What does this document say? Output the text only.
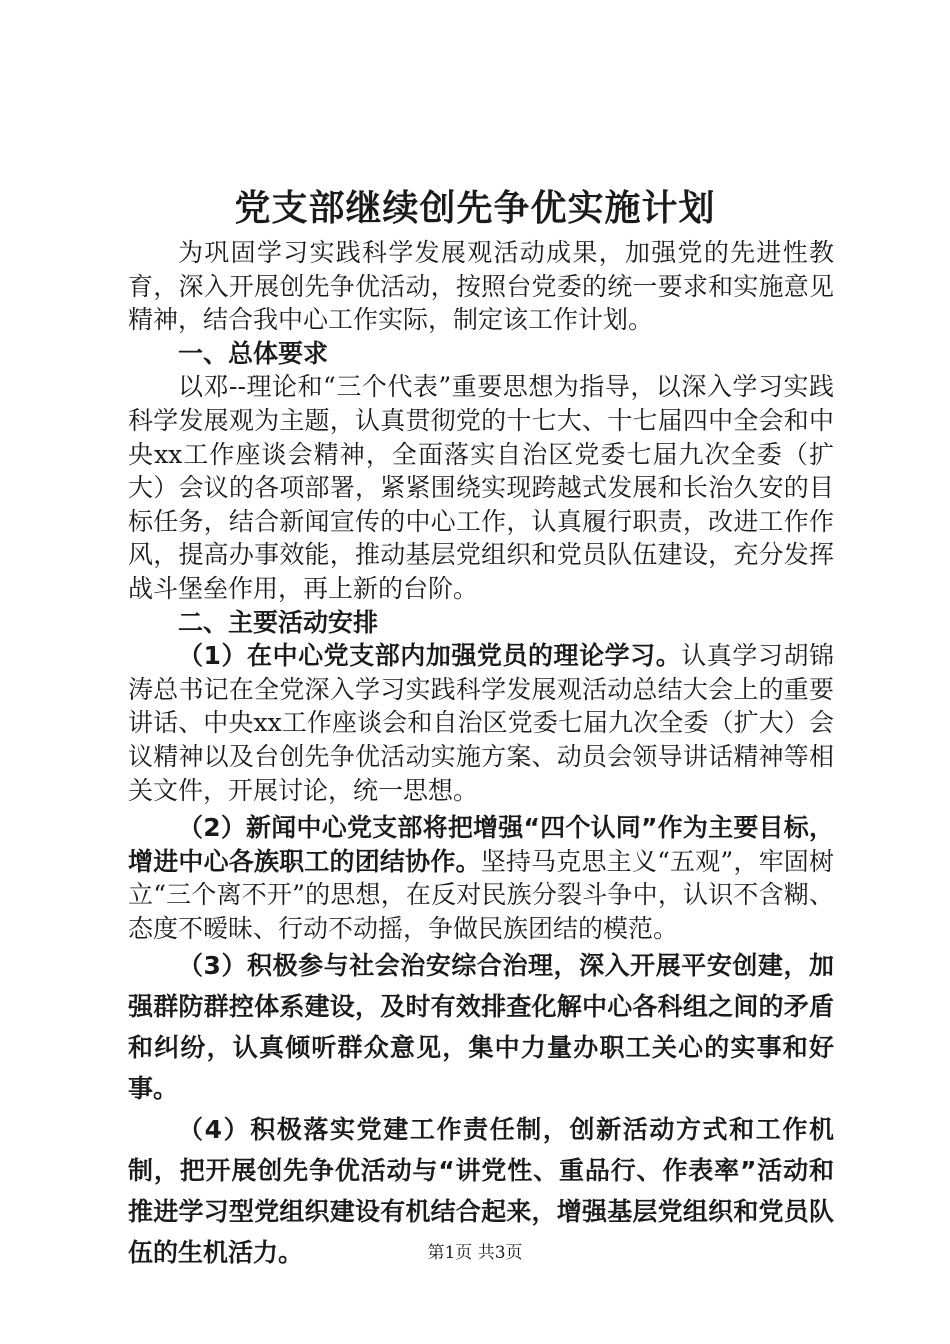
党支部继续创先争优实施计划

为巩固学习实践科学发展观活动成果，加强党的先进性教育，深入开展创先争优活动，按照台党委的统一要求和实施意见精神，结合我中心工作实际，制定该工作计划。

一、总体要求

以邓--理论和“三个代表”重要思想为指导，以深入学习实践科学发展观为主题，认真贯彻党的十七大、十七届四中全会和中央xx工作座谈会精神，全面落实自治区党委七届九次全委（扩大）会议的各项部署，紧紧围绕实现跨越式发展和长治久安的目标任务，结合新闻宣传的中心工作，认真履行职责，改进工作作风，提高办事效能，推动基层党组织和党员队伍建设，充分发挥战斗堡垒作用，再上新的台阶。

二、主要活动安排

（1）在中心党支部内加强党员的理论学习。认真学习胡锦涛总书记在全党深入学习实践科学发展观活动总结大会上的重要讲话、中央xx工作座谈会和自治区党委七届九次全委（扩大）会议精神以及台创先争优活动实施方案、动员会领导讲话精神等相关文件，开展讨论，统一思想。

（2）新闻中心党支部将把增强“四个认同”作为主要目标，增进中心各族职工的团结协作。坚持马克思主义“五观”，牢固树立“三个离不开”的思想，在反对民族分裂斗争中，认识不含糊、态度不暧昧、行动不动摇，争做民族团结的模范。

（3）积极参与社会治安综合治理，深入开展平安创建，加强群防群控体系建设，及时有效排查化解中心各科组之间的矛盾和纠纷，认真倾听群众意见，集中力量办职工关心的实事和好事。

（4）积极落实党建工作责任制，创新活动方式和工作机制，把开展创先争优活动与“讲党性、重品行、作表率”活动和推进学习型党组织建设有机结合起来，增强基层党组织和党员队伍的生机活力。	第1页 共3页
